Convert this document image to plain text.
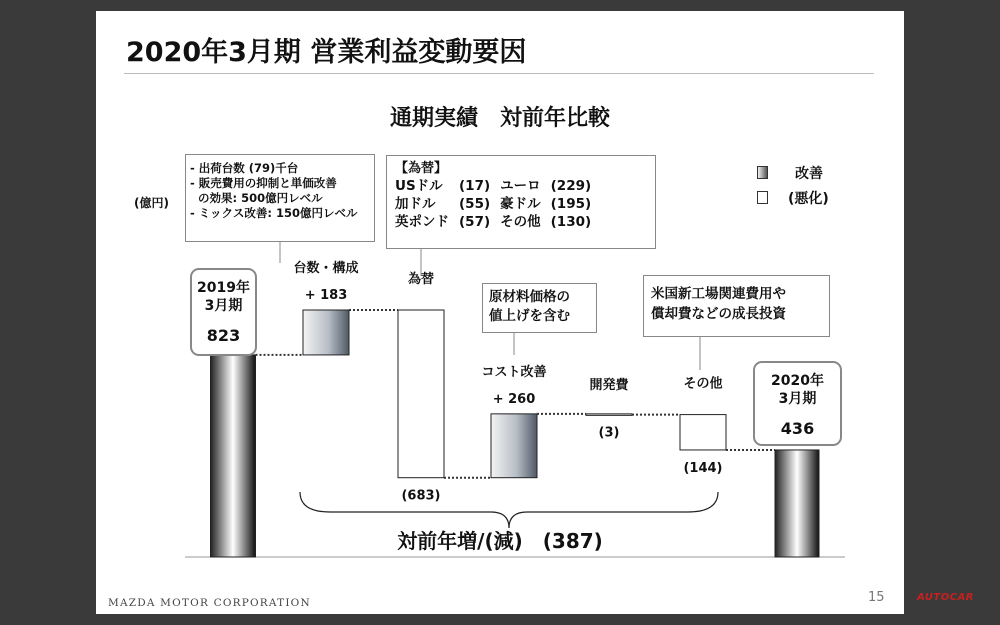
2020年3月期 営業利益変動要因
通期実績　対前年比較
(億円)
改善
(悪化)
- 出荷台数 (79)千台
- 販売費用の抑制と単価改善
の効果: 500億円レベル
- ミックス改善: 150億円レベル
【為替】
USドル	(17)	ユーロ	(229)
加ドル	(55)	豪ドル	(195)
英ポンド	(57)	その他	(130)
原材料価格の
値上げを含む
米国新工場関連費用や
償却費などの成長投資
+ 183
台数・構成
(683)
為替
+ 260
コスト改善
(3)
開発費
(144)
その他
2019年
3月期
823
2020年
3月期
436
対前年増/(減)　(387)
MAZDA MOTOR CORPORATION	15	AUTOCAR
